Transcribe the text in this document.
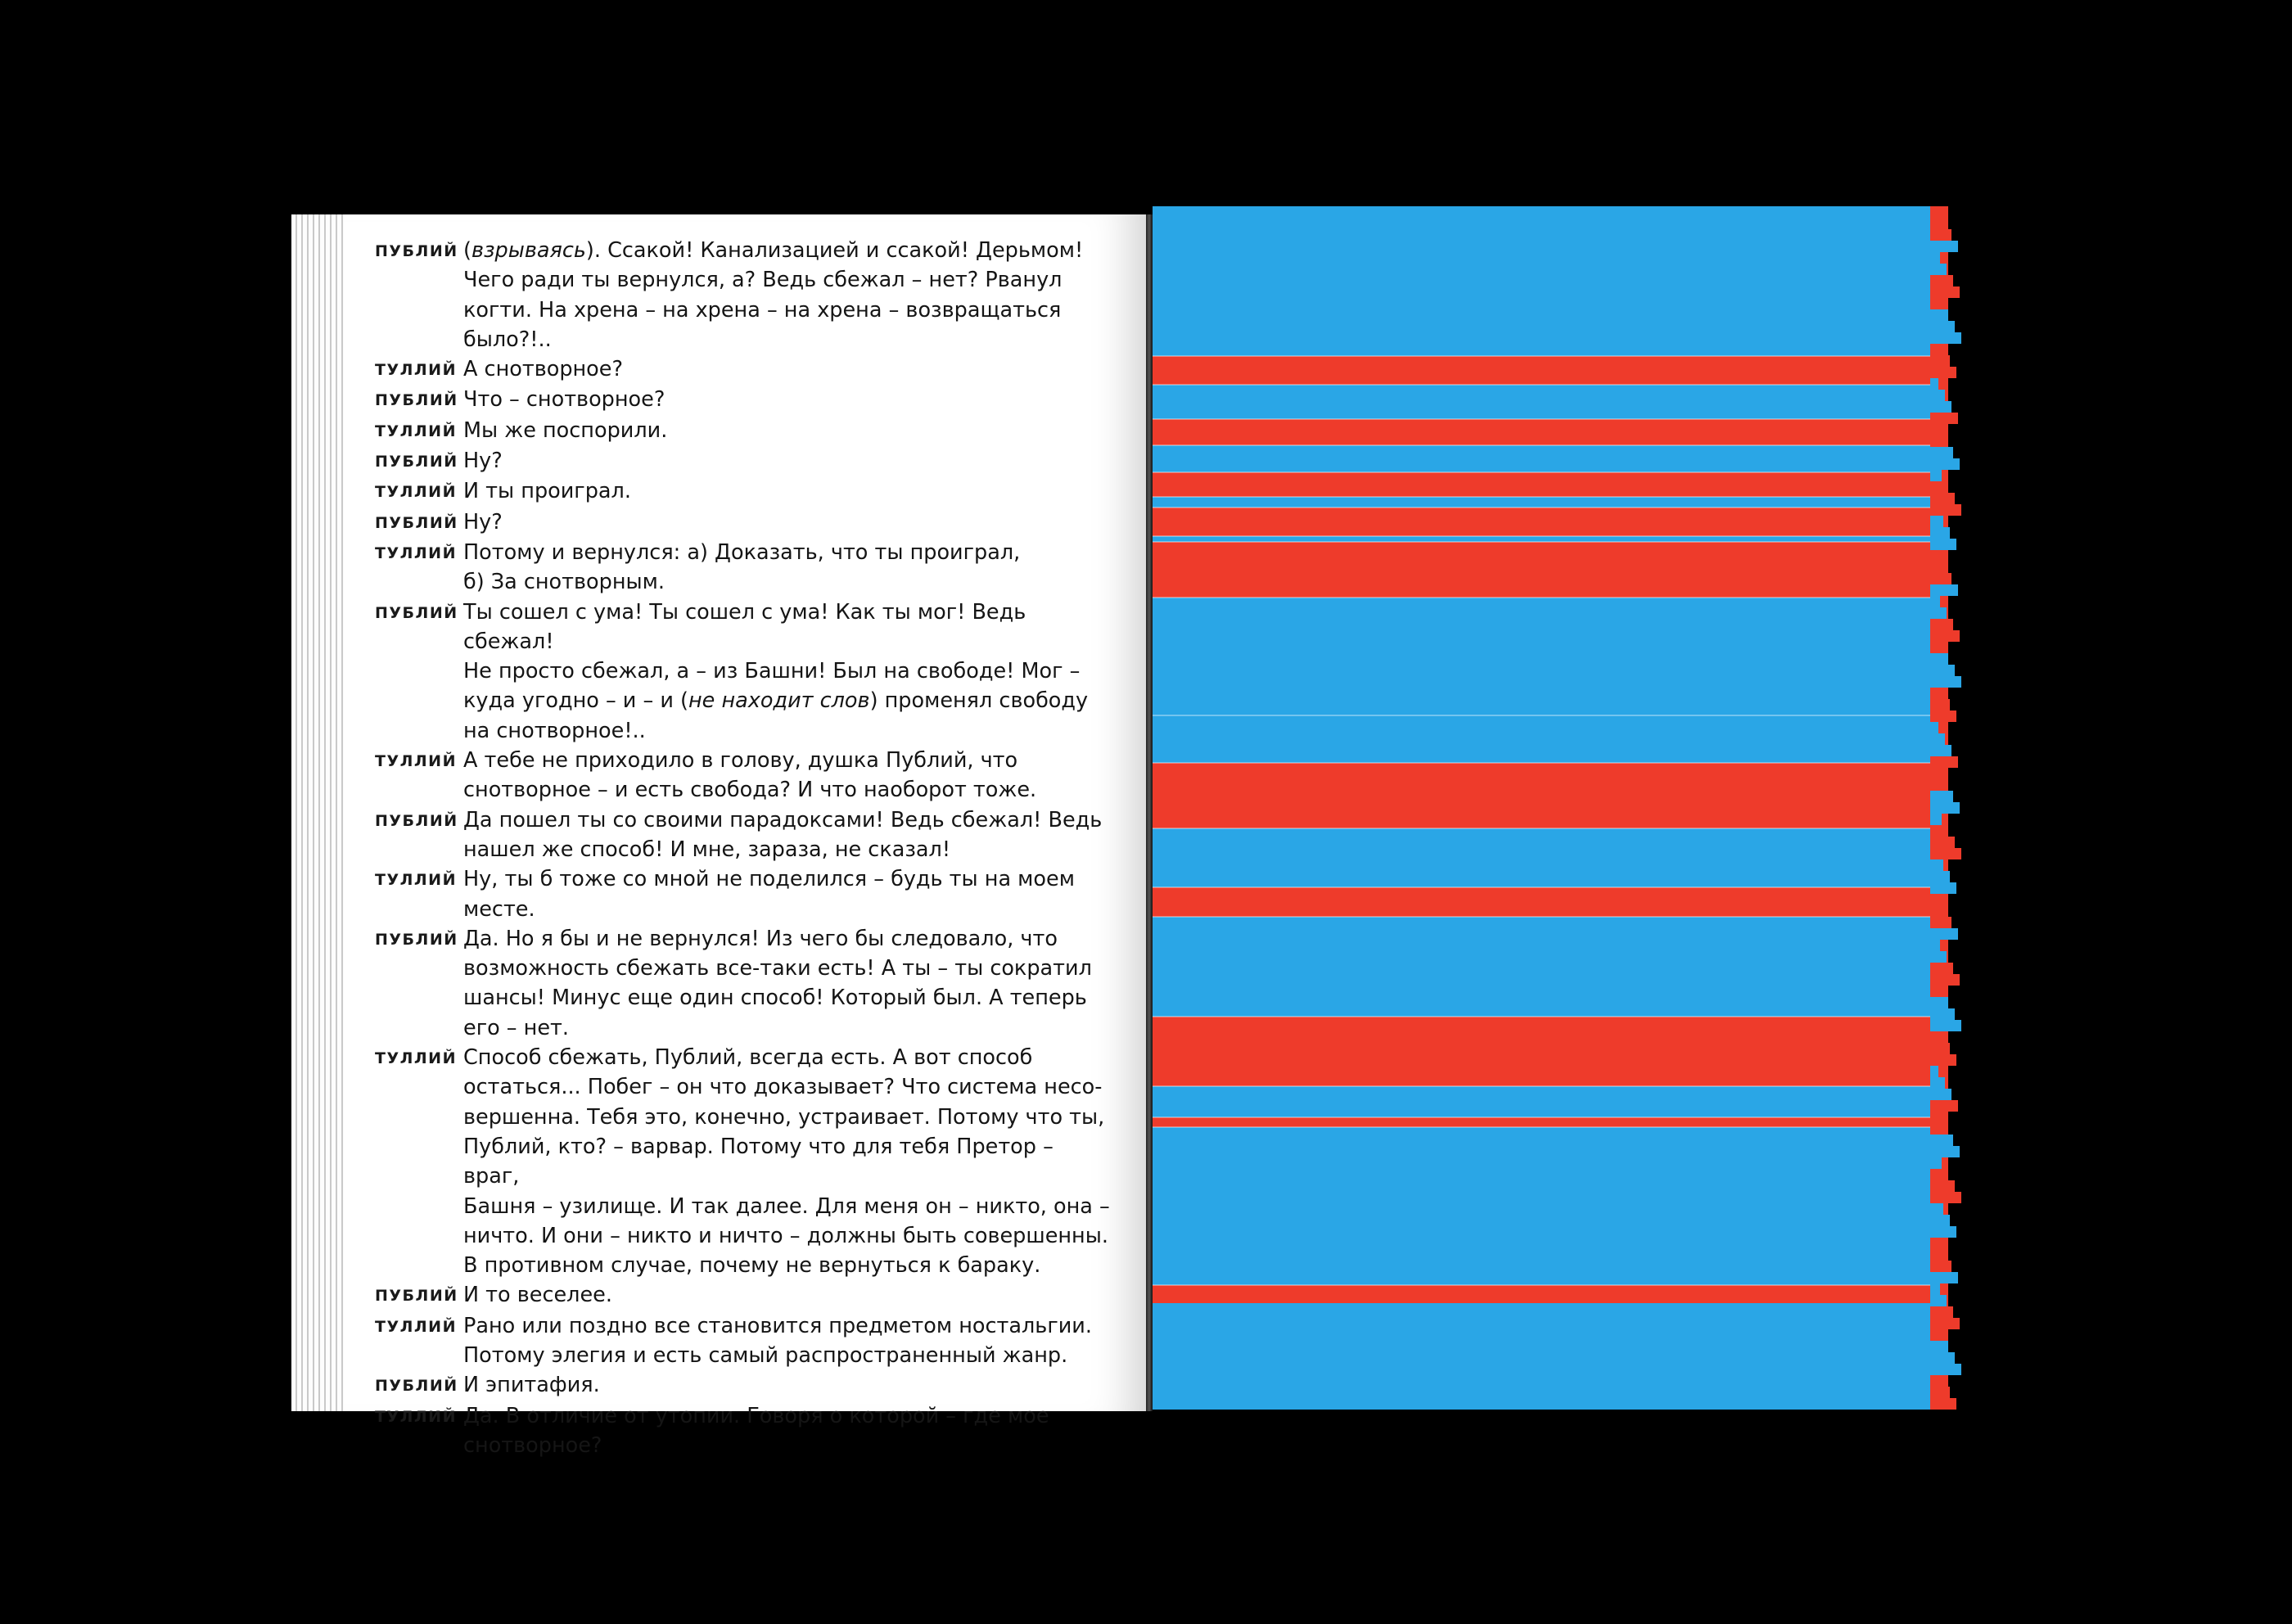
ПУБЛИЙ (взрываясь). Ссакой! Канализацией и ссакой! Дерьмом!
Чего ради ты вернулся, а? Ведь сбежал – нет? Рванул
когти. На хрена – на хрена – на хрена – возвращаться
было?!..
ТУЛЛИЙ А снотворное?
ПУБЛИЙ Что – снотворное?
ТУЛЛИЙ Мы же поспорили.
ПУБЛИЙ Ну?
ТУЛЛИЙ И ты проиграл.
ПУБЛИЙ Ну?
ТУЛЛИЙ Потому и вернулся: а) Доказать, что ты проиграл,
б) За снотворным.
ПУБЛИЙ Ты сошел с ума! Ты сошел с ума! Как ты мог! Ведь сбежал!
Не просто сбежал, а – из Башни! Был на свободе! Мог –
куда угодно – и – и (не находит слов) променял свободу
на снотворное!..
ТУЛЛИЙ А тебе не приходило в голову, душка Публий, что
снотворное – и есть свобода? И что наоборот тоже.
ПУБЛИЙ Да пошел ты со своими парадоксами! Ведь сбежал! Ведь
нашел же способ! И мне, зараза, не сказал!
ТУЛЛИЙ Ну, ты б тоже со мной не поделился – будь ты на моем
месте.
ПУБЛИЙ Да. Но я бы и не вернулся! Из чего бы следовало, что
возможность сбежать все-таки есть! А ты – ты сократил
шансы! Минус еще один способ! Который был. А теперь
его – нет.
ТУЛЛИЙ Способ сбежать, Публий, всегда есть. А вот способ
остаться... Побег – он что доказывает? Что система несо-
вершенна. Тебя это, конечно, устраивает. Потому что ты,
Публий, кто? – варвар. Потому что для тебя Претор – враг,
Башня – узилище. И так далее. Для меня он – никто, она –
ничто. И они – никто и ничто – должны быть совершенны.
В противном случае, почему не вернуться к бараку.
ПУБЛИЙ И то веселее.
ТУЛЛИЙ Рано или поздно все становится предметом ностальгии.
Потому элегия и есть самый распространенный жанр.
ПУБЛИЙ И эпитафия.
ТУЛЛИЙ Да. В отличие от утопии. Говоря о которой – где мое
снотворное?
